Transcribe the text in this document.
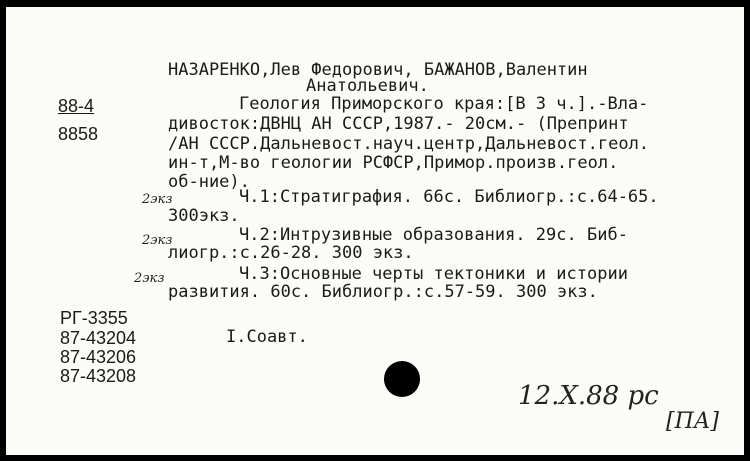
НАЗАРЕНКО,Лев Федорович, БАЖАНОВ,Валентин
Анатольевич.
88-4
8858
Геология Приморского края:[В 3 ч.].-Вла-
дивосток:ДВНЦ АН СССР,1987.- 20см.- (Препринт
/АН СССР.Дальневост.науч.центр,Дальневост.геол.
ин-т,М-во геологии РСФСР,Примор.произв.геол.
об-ние).
2экз	Ч.1:Стратиграфия. 66с. Библиогр.:с.64-65.
300экз.
2экз	Ч.2:Интрузивные образования. 29с. Биб-
лиогр.:с.26-28. 300 экз.
2экз	Ч.3:Основные черты тектоники и истории
развития. 60с. Библиогр.:с.57-59. 300 экз.
РГ-3355
87-43204
87-43206
87-43208
I.Соавт.
12.X.88 рс
[ПА]
